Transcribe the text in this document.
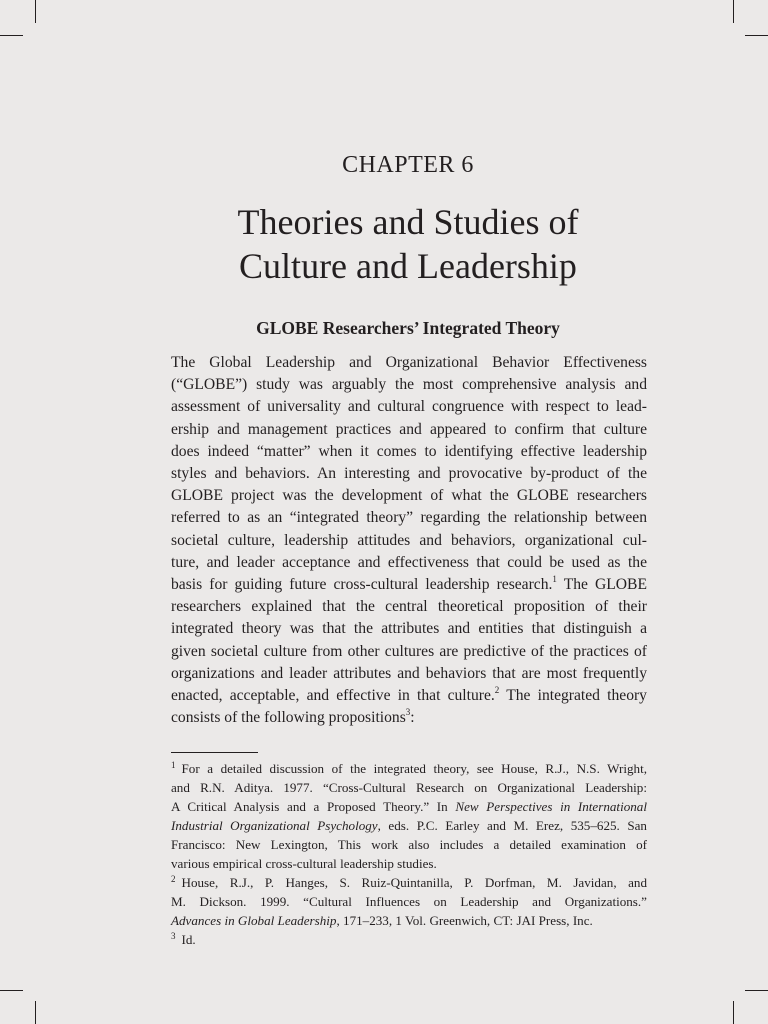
CHAPTER 6
Theories and Studies of
Culture and Leadership
GLOBE Researchers’ Integrated Theory
The Global Leadership and Organizational Behavior Effectiveness
(“GLOBE”) study was arguably the most comprehensive analysis and
assessment of universality and cultural congruence with respect to lead-
ership and management practices and appeared to confirm that culture
does indeed “matter” when it comes to identifying effective leadership
styles and behaviors. An interesting and provocative by-product of the
GLOBE project was the development of what the GLOBE researchers
referred to as an “integrated theory” regarding the relationship between
societal culture, leadership attitudes and behaviors, organizational cul-
ture, and leader acceptance and effectiveness that could be used as the
basis for guiding future cross-cultural leadership research.$^1$ The GLOBE
researchers explained that the central theoretical proposition of their
integrated theory was that the attributes and entities that distinguish a
given societal culture from other cultures are predictive of the practices of
organizations and leader attributes and behaviors that are most frequently
enacted, acceptable, and effective in that culture.$^2$ The integrated theory
consists of the following propositions$^3$:
$^1$ For a detailed discussion of the integrated theory, see House, R.J., N.S. Wright,
and R.N. Aditya. 1977. “Cross-Cultural Research on Organizational Leadership:
A Critical Analysis and a Proposed Theory.” In New Perspectives in International
Industrial Organizational Psychology, eds. P.C. Earley and M. Erez, 535–625. San
Francisco: New Lexington, This work also includes a detailed examination of
various empirical cross-cultural leadership studies.
$^2$ House, R.J., P. Hanges, S. Ruiz-Quintanilla, P. Dorfman, M. Javidan, and
M. Dickson. 1999. “Cultural Influences on Leadership and Organizations.”
Advances in Global Leadership, 171–233, 1 Vol. Greenwich, CT: JAI Press, Inc.
$^3$ Id.
